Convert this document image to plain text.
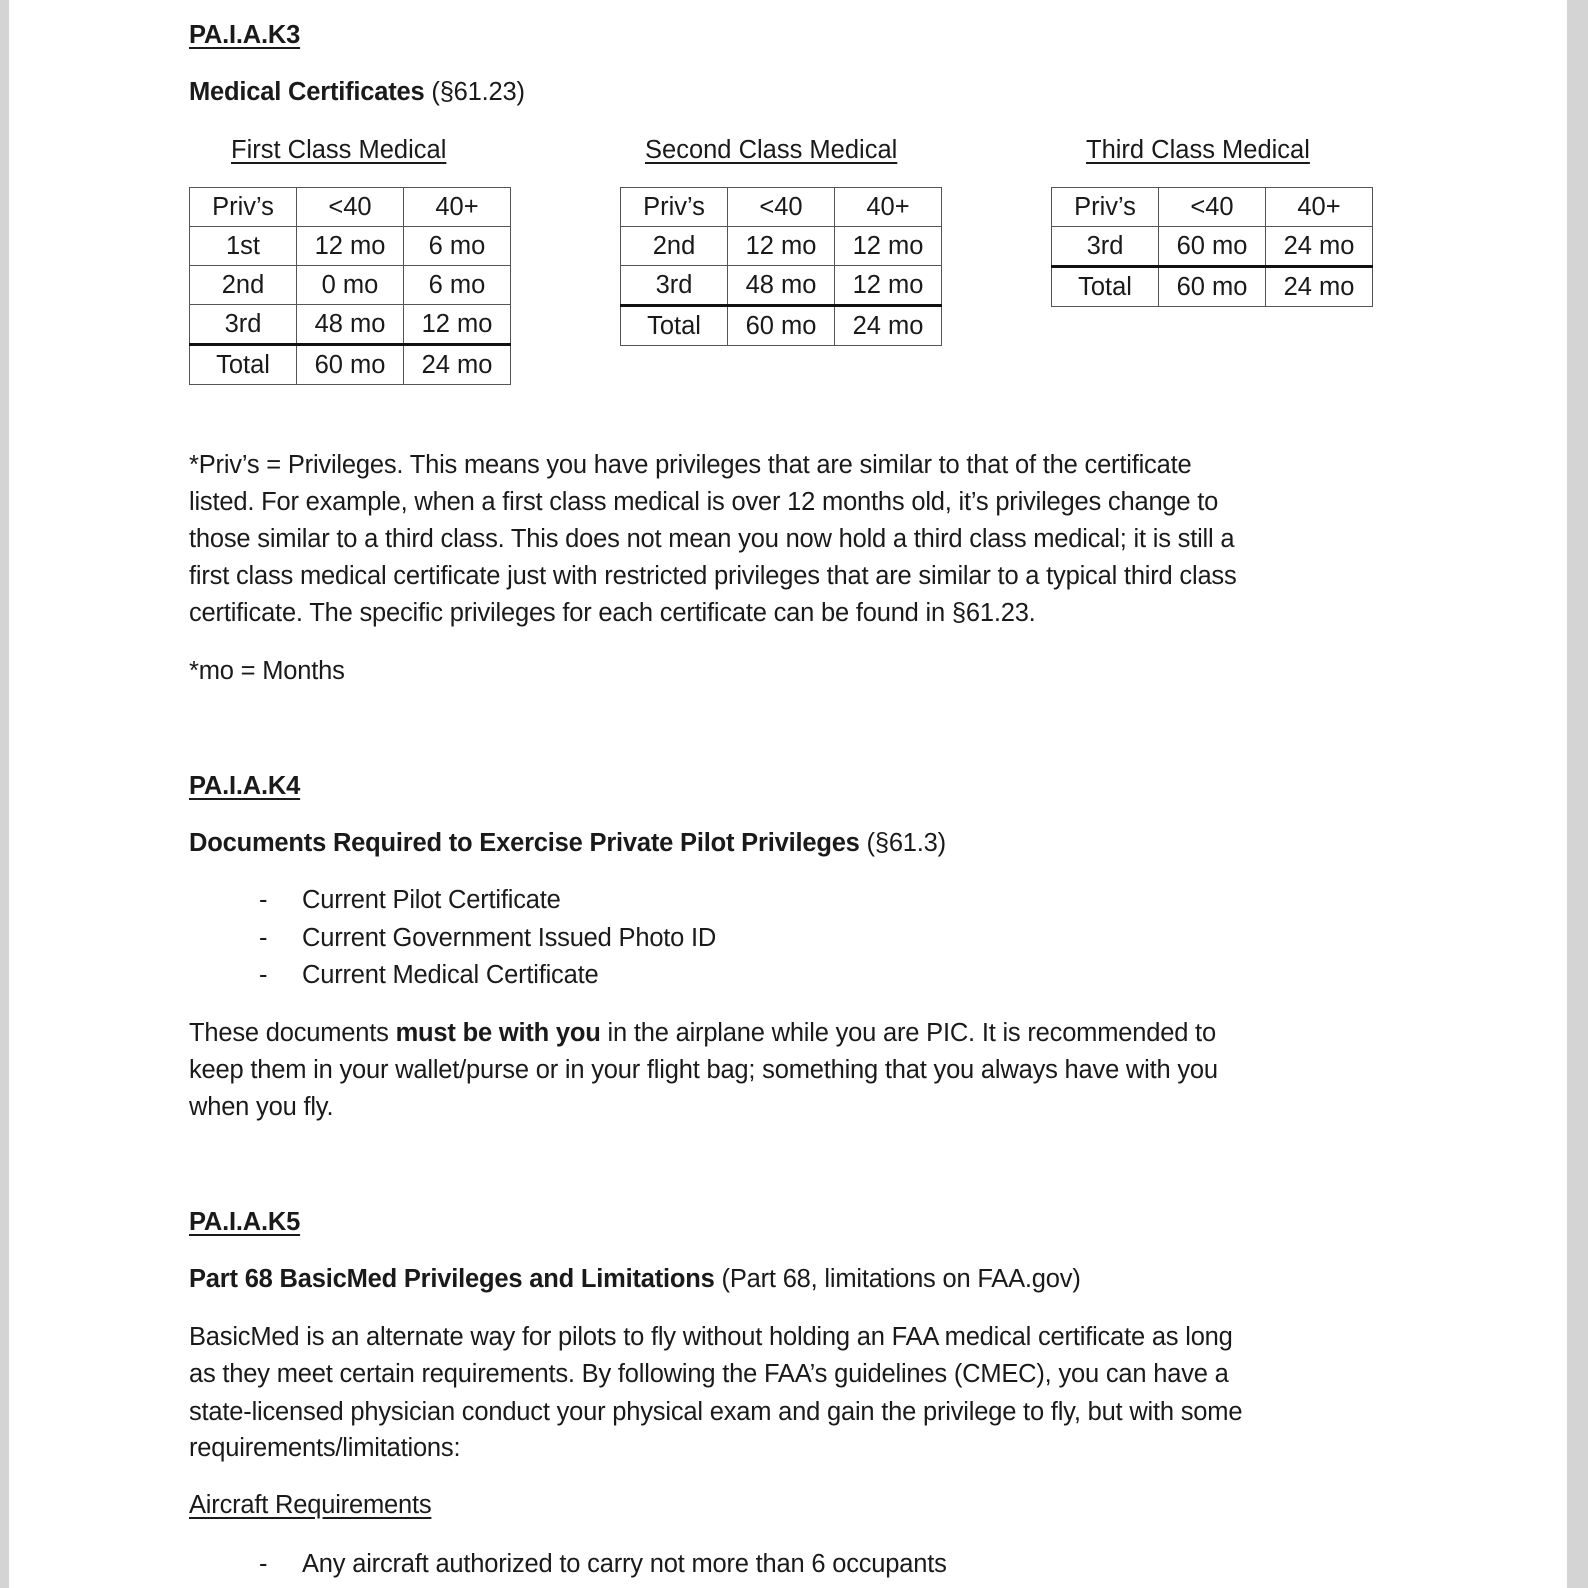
PA.I.A.K3
Medical Certificates (§61.23)
First Class Medical	Second Class Medical	Third Class Medical
Priv’s	<40	40+
1st	12 mo	6 mo
2nd	0 mo	6 mo
3rd	48 mo	12 mo
Total	60 mo	24 mo
Priv’s	<40	40+
2nd	12 mo	12 mo
3rd	48 mo	12 mo
Total	60 mo	24 mo
Priv’s	<40	40+
3rd	60 mo	24 mo
Total	60 mo	24 mo
*Priv’s = Privileges. This means you have privileges that are similar to that of the certificate
listed. For example, when a first class medical is over 12 months old, it’s privileges change to
those similar to a third class. This does not mean you now hold a third class medical; it is still a
first class medical certificate just with restricted privileges that are similar to a typical third class
certificate. The specific privileges for each certificate can be found in §61.23.
*mo = Months
PA.I.A.K4
Documents Required to Exercise Private Pilot Privileges (§61.3)
- Current Pilot Certificate
- Current Government Issued Photo ID
- Current Medical Certificate
These documents must be with you in the airplane while you are PIC. It is recommended to
keep them in your wallet/purse or in your flight bag; something that you always have with you
when you fly.
PA.I.A.K5
Part 68 BasicMed Privileges and Limitations (Part 68, limitations on FAA.gov)
BasicMed is an alternate way for pilots to fly without holding an FAA medical certificate as long
as they meet certain requirements. By following the FAA’s guidelines (CMEC), you can have a
state-licensed physician conduct your physical exam and gain the privilege to fly, but with some
requirements/limitations:
Aircraft Requirements
- Any aircraft authorized to carry not more than 6 occupants
